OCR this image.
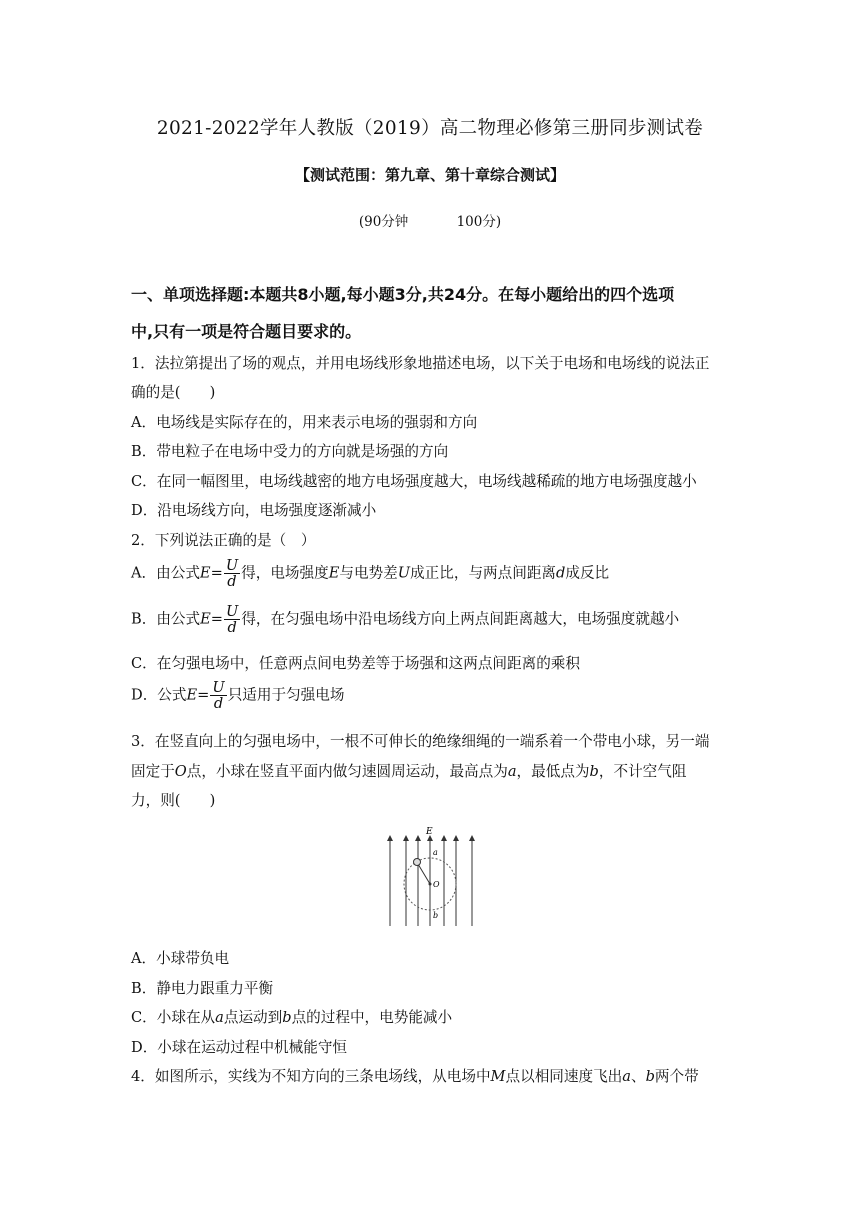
2021-2022学年人教版（2019）高二物理必修第三册同步测试卷
【测试范围：第九章、第十章综合测试】
(90分钟	100分)
一、单项选择题:本题共8小题,每小题3分,共24分。在每小题给出的四个选项
中,只有一项是符合题目要求的。
1．法拉第提出了场的观点，并用电场线形象地描述电场，以下关于电场和电场线的说法正
确的是(　　)
A．电场线是实际存在的，用来表示电场的强弱和方向
B．带电粒子在电场中受力的方向就是场强的方向
C．在同一幅图里，电场线越密的地方电场强度越大，电场线越稀疏的地方电场强度越小
D．沿电场线方向，电场强度逐渐减小
2．下列说法正确的是（　）
A．由公式$E= \frac{U}{d}$ 得，电场强度E与电势差U成正比，与两点间距离d成反比
B．由公式$E= \frac{U}{d}$ 得，在匀强电场中沿电场线方向上两点间距离越大，电场强度就越小
C．在匀强电场中，任意两点间电势差等于场强和这两点间距离的乘积
D．公式$E= \frac{U}{d}$ 只适用于匀强电场
3．在竖直向上的匀强电场中，一根不可伸长的绝缘细绳的一端系着一个带电小球，另一端
固定于O点，小球在竖直平面内做匀速圆周运动，最高点为a，最低点为b，不计空气阻
力，则(　　)
E
a
O
b
A．小球带负电
B．静电力跟重力平衡
C．小球在从a点运动到b点的过程中，电势能减小
D．小球在运动过程中机械能守恒
4．如图所示，实线为不知方向的三条电场线，从电场中M点以相同速度飞出a、b两个带
